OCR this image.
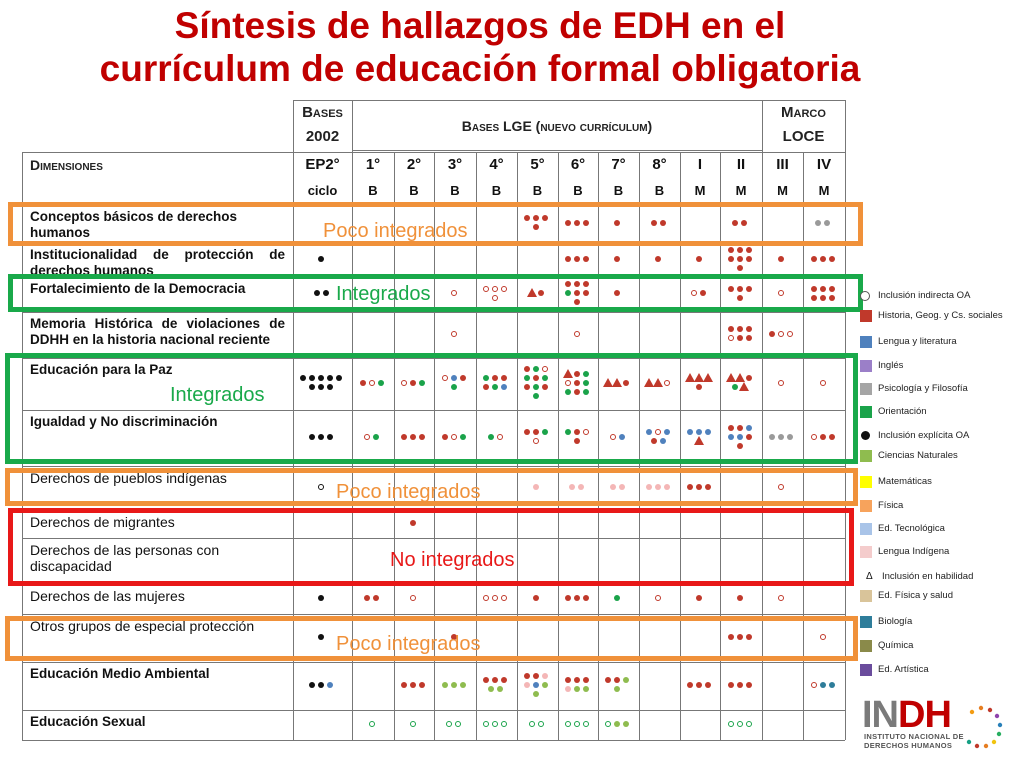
Síntesis de hallazgos de EDH en el
currículum de educación formal obligatoria
Bases
2002
Bases LGE (nuevo currículum)
Marco
LOCE
Dimensiones	EP2°
ciclo
1°
B
2°
B
3°
B
4°
B
5°
B
6°
B
7°
B
8°
B
I
M
II
M
III
M
IV
M
Conceptos básicos de derechos humanos
Institucionalidad de protección de derechos humanos
Fortalecimiento de la Democracia
Memoria Histórica de violaciones de DDHH en la historia nacional reciente
Educación para la Paz
Igualdad y No discriminación
Derechos de pueblos indígenas
Derechos de migrantes
Derechos de las personas con discapacidad
Derechos de las mujeres
Otros grupos de especial protección
Educación Medio Ambiental
Educación Sexual
Poco integrados
Integrados
Integrados
Poco integrados
No integrados
Poco integrados
Inclusión indirecta OA
Historia, Geog. y Cs. sociales
Lengua y literatura
Inglés
Psicología y Filosofía
Orientación
Inclusión explícita OA
Ciencias Naturales
Matemáticas
Física
Ed. Tecnológica
Lengua Indígena
Δ Inclusión en habilidad
Ed. Física y salud
Biología
Química
Ed. Artística
INDH
INSTITUTO NACIONAL DE
DERECHOS HUMANOS
